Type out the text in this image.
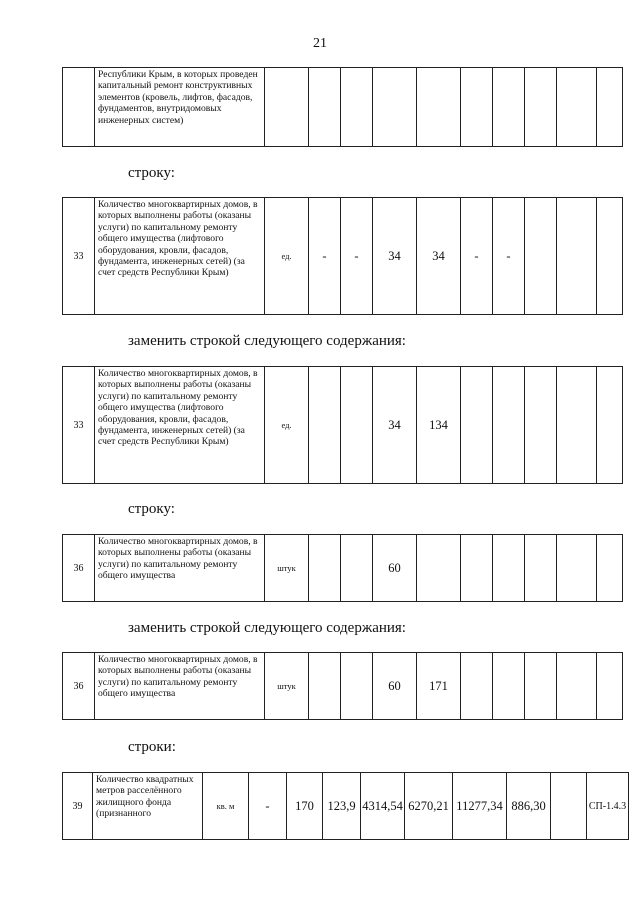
21
	Республики Крым, в которых проведен капитальный ремонт конструктивных элементов (кровель, лифтов, фасадов, фундаментов, внутридомовых инженерных систем)										
строку:
33	Количество многоквартирных домов, в которых выполнены работы (оказаны услуги) по капитальному ремонту общего имущества (лифтового оборудования, кровли, фасадов, фундамента, инженерных сетей) (за счет средств Республики Крым)	ед.	-	-	34	34	-	-			
заменить строкой следующего содержания:
33	Количество многоквартирных домов, в которых выполнены работы (оказаны услуги) по капитальному ремонту общего имущества (лифтового оборудования, кровли, фасадов, фундамента, инженерных сетей) (за счет средств Республики Крым)	ед.			34	134					
строку:
36	Количество многоквартирных домов, в которых выполнены работы (оказаны услуги) по капитальному ремонту общего имущества	штук			60						
заменить строкой следующего содержания:
36	Количество многоквартирных домов, в которых выполнены работы (оказаны услуги) по капитальному ремонту общего имущества	штук			60	171					
строки:
39	Количество квадратных метров расселённого жилищного фонда (признанного	кв. м	-	170	123,9	4314,54	6270,21	11277,34	886,30		СП-1.4.3
